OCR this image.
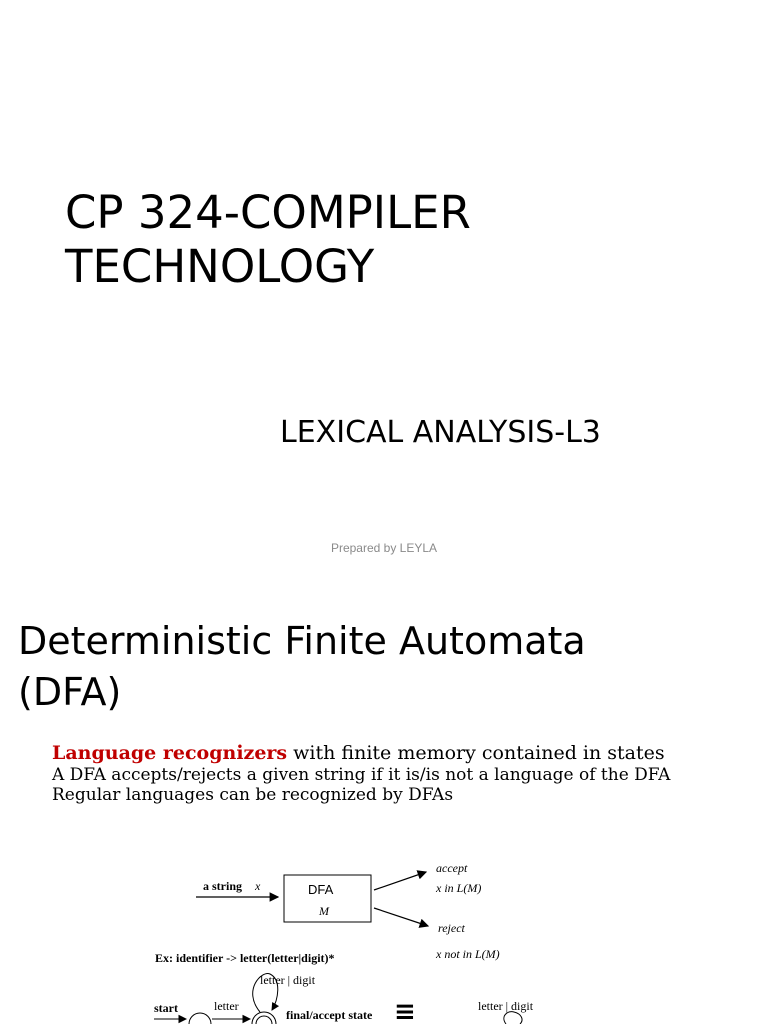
CP 324-COMPILER
TECHNOLOGY
LEXICAL ANALYSIS-L3
Prepared by LEYLA
Deterministic Finite Automata
(DFA)
Language recognizers with finite memory contained in states
A DFA accepts/rejects a given string if it is/is not a language of the DFA
Regular languages can be recognized by DFAs
a string x	DFA
M
accept
x in L(M)
reject
x not in L(M)
Ex: identifier -> letter(letter|digit)*
letter | digit
start	letter
final/accept state ≡	letter | digit
